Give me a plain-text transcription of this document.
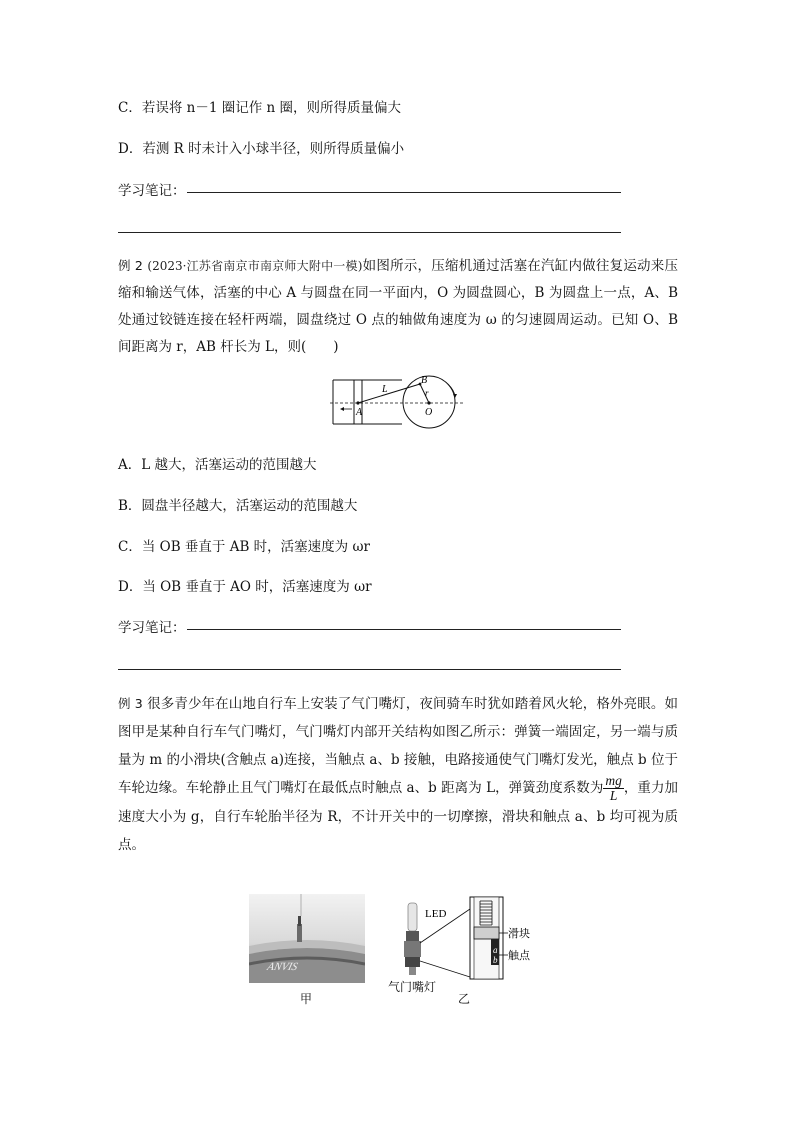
C．若误将 n－1 圈记作 n 圈，则所得质量偏大
D．若测 R 时未计入小球半径，则所得质量偏小
学习笔记：
例 2 (2023·江苏省南京市南京师大附中一模)如图所示，压缩机通过活塞在汽缸内做往复运动来压缩和输送气体，活塞的中心 A 与圆盘在同一平面内，O 为圆盘圆心，B 为圆盘上一点，A、B 处通过铰链连接在轻杆两端，圆盘绕过 O 点的轴做角速度为 ω 的匀速圆周运动。已知 O、B 间距离为 r，AB 杆长为 L，则(　　)
L
B
r
A	O
A．L 越大，活塞运动的范围越大
B．圆盘半径越大，活塞运动的范围越大
C．当 OB 垂直于 AB 时，活塞速度为 ωr
D．当 OB 垂直于 AO 时，活塞速度为 ωr
学习笔记：
例 3 很多青少年在山地自行车上安装了气门嘴灯，夜间骑车时犹如踏着风火轮，格外亮眼。如图甲是某种自行车气门嘴灯，气门嘴灯内部开关结构如图乙所示：弹簧一端固定，另一端与质量为 m 的小滑块(含触点 a)连接，当触点 a、b 接触，电路接通使气门嘴灯发光，触点 b 位于车轮边缘。车轮静止且气门嘴灯在最低点时触点 a、b 距离为 L，弹簧劲度系数为 $\frac{mg}{L}$ ，重力加速度大小为 g，自行车轮胎半径为 R，不计开关中的一切摩擦，滑块和触点 a、b 均可视为质点。
ANVIS
甲
LED
a
b
滑块
触点
气门嘴灯
乙
